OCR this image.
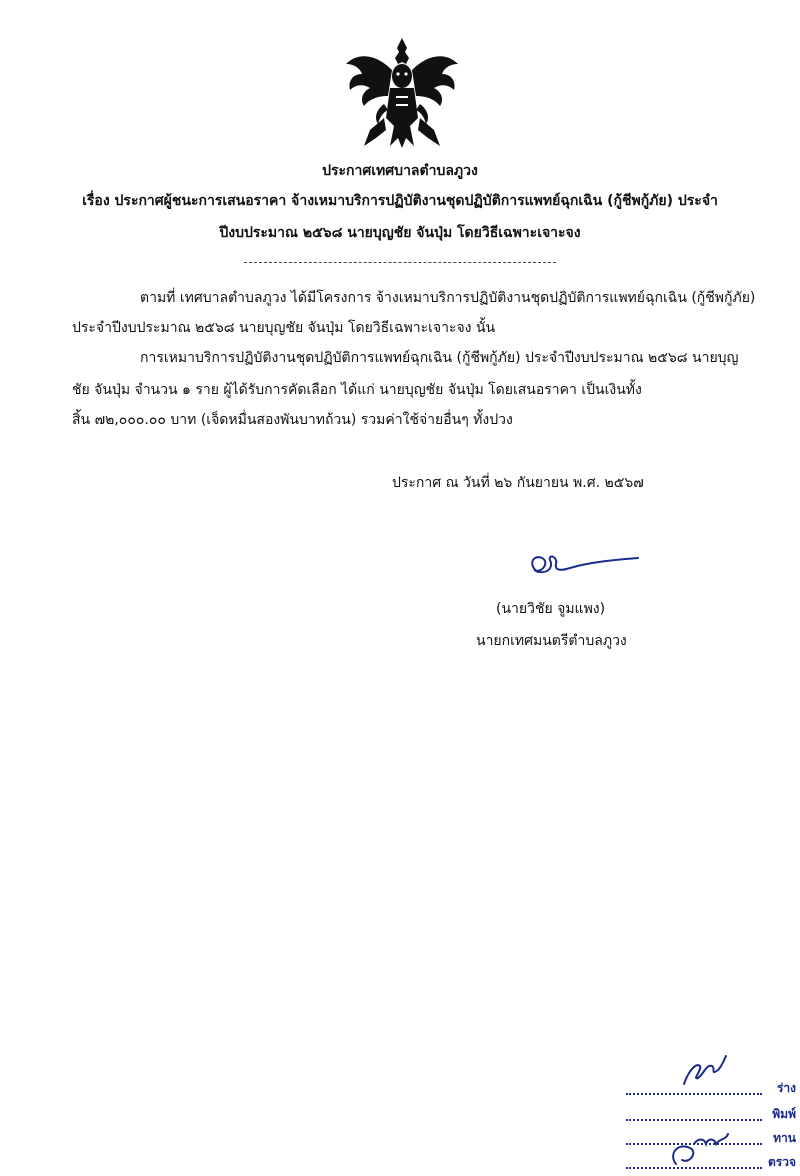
ประกาศเทศบาลตำบลภูวง
เรื่อง ประกาศผู้ชนะการเสนอราคา จ้างเหมาบริการปฏิบัติงานชุดปฏิบัติการแพทย์ฉุกเฉิน (กู้ชีพกู้ภัย) ประจำ
ปีงบประมาณ ๒๕๖๘ นายบุญชัย จันปุ่ม โดยวิธีเฉพาะเจาะจง
ตามที่ เทศบาลตำบลภูวง ได้มีโครงการ จ้างเหมาบริการปฏิบัติงานชุดปฏิบัติการแพทย์ฉุกเฉิน (กู้ชีพกู้ภัย)
ประจำปีงบประมาณ ๒๕๖๘ นายบุญชัย จันปุ่ม โดยวิธีเฉพาะเจาะจง นั้น
การเหมาบริการปฏิบัติงานชุดปฏิบัติการแพทย์ฉุกเฉิน (กู้ชีพกู้ภัย) ประจำปีงบประมาณ ๒๕๖๘ นายบุญ
ชัย จันปุ่ม จำนวน ๑ ราย ผู้ได้รับการคัดเลือก ได้แก่ นายบุญชัย จันปุ่ม โดยเสนอราคา เป็นเงินทั้ง
สิ้น ๗๒,๐๐๐.๐๐ บาท (เจ็ดหมื่นสองพันบาทถ้วน) รวมค่าใช้จ่ายอื่นๆ ทั้งปวง
ประกาศ ณ วันที่ ๒๖ กันยายน พ.ศ. ๒๕๖๗
(นายวิชัย จูมแพง)
นายกเทศมนตรีตำบลภูวง
ร่าง
พิมพ์
ทาน
ตรวจ
